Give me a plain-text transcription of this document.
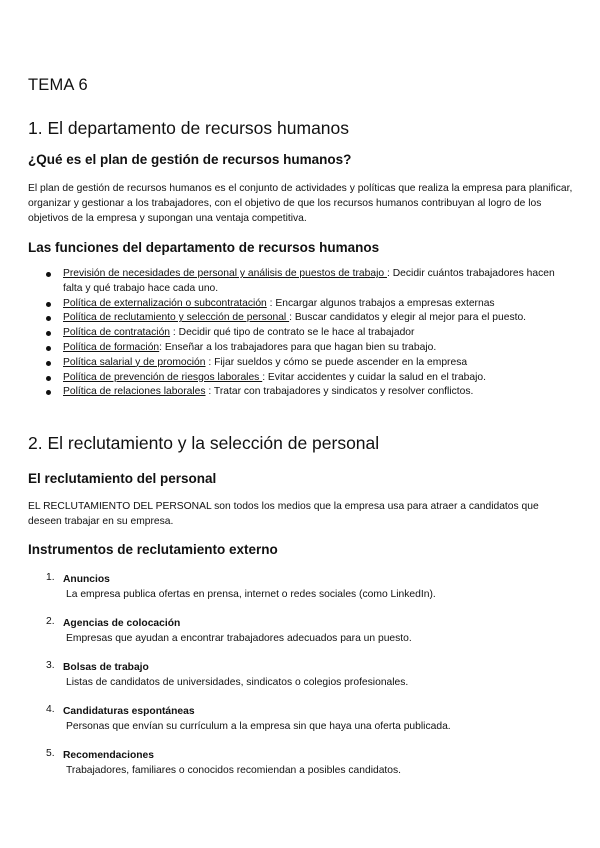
TEMA 6
1. El departamento de recursos humanos
¿Qué es el plan de gestión de recursos humanos?

El plan de gestión de recursos humanos es el conjunto de actividades y políticas que realiza la empresa para planificar, organizar y gestionar a los trabajadores, con el objetivo de que los recursos humanos contribuyan al logro de los objetivos de la empresa y supongan una ventaja competitiva.

Las funciones del departamento de recursos humanos
Previsión de necesidades de personal y análisis de puestos de trabajo : Decidir cuántos trabajadores hacen falta y qué trabajo hace cada uno.
Política de externalización o subcontratación : Encargar algunos trabajos a empresas externas
Política de reclutamiento y selección de personal : Buscar candidatos y elegir al mejor para el puesto.
Política de contratación : Decidir qué tipo de contrato se le hace al trabajador
Política de formación: Enseñar a los trabajadores para que hagan bien su trabajo.
Política salarial y de promoción : Fijar sueldos y cómo se puede ascender en la empresa
Política de prevención de riesgos laborales : Evitar accidentes y cuidar la salud en el trabajo.
Política de relaciones laborales : Tratar con trabajadores y sindicatos y resolver conflictos.
2. El reclutamiento y la selección de personal
El reclutamiento del personal

EL RECLUTAMIENTO DEL PERSONAL son todos los medios que la empresa usa para atraer a candidatos que deseen trabajar en su empresa.

Instrumentos de reclutamiento externo
1. Anuncios
La empresa publica ofertas en prensa, internet o redes sociales (como LinkedIn).
2. Agencias de colocación
Empresas que ayudan a encontrar trabajadores adecuados para un puesto.
3. Bolsas de trabajo
Listas de candidatos de universidades, sindicatos o colegios profesionales.
4. Candidaturas espontáneas
Personas que envían su currículum a la empresa sin que haya una oferta publicada.
5. Recomendaciones
Trabajadores, familiares o conocidos recomiendan a posibles candidatos.
